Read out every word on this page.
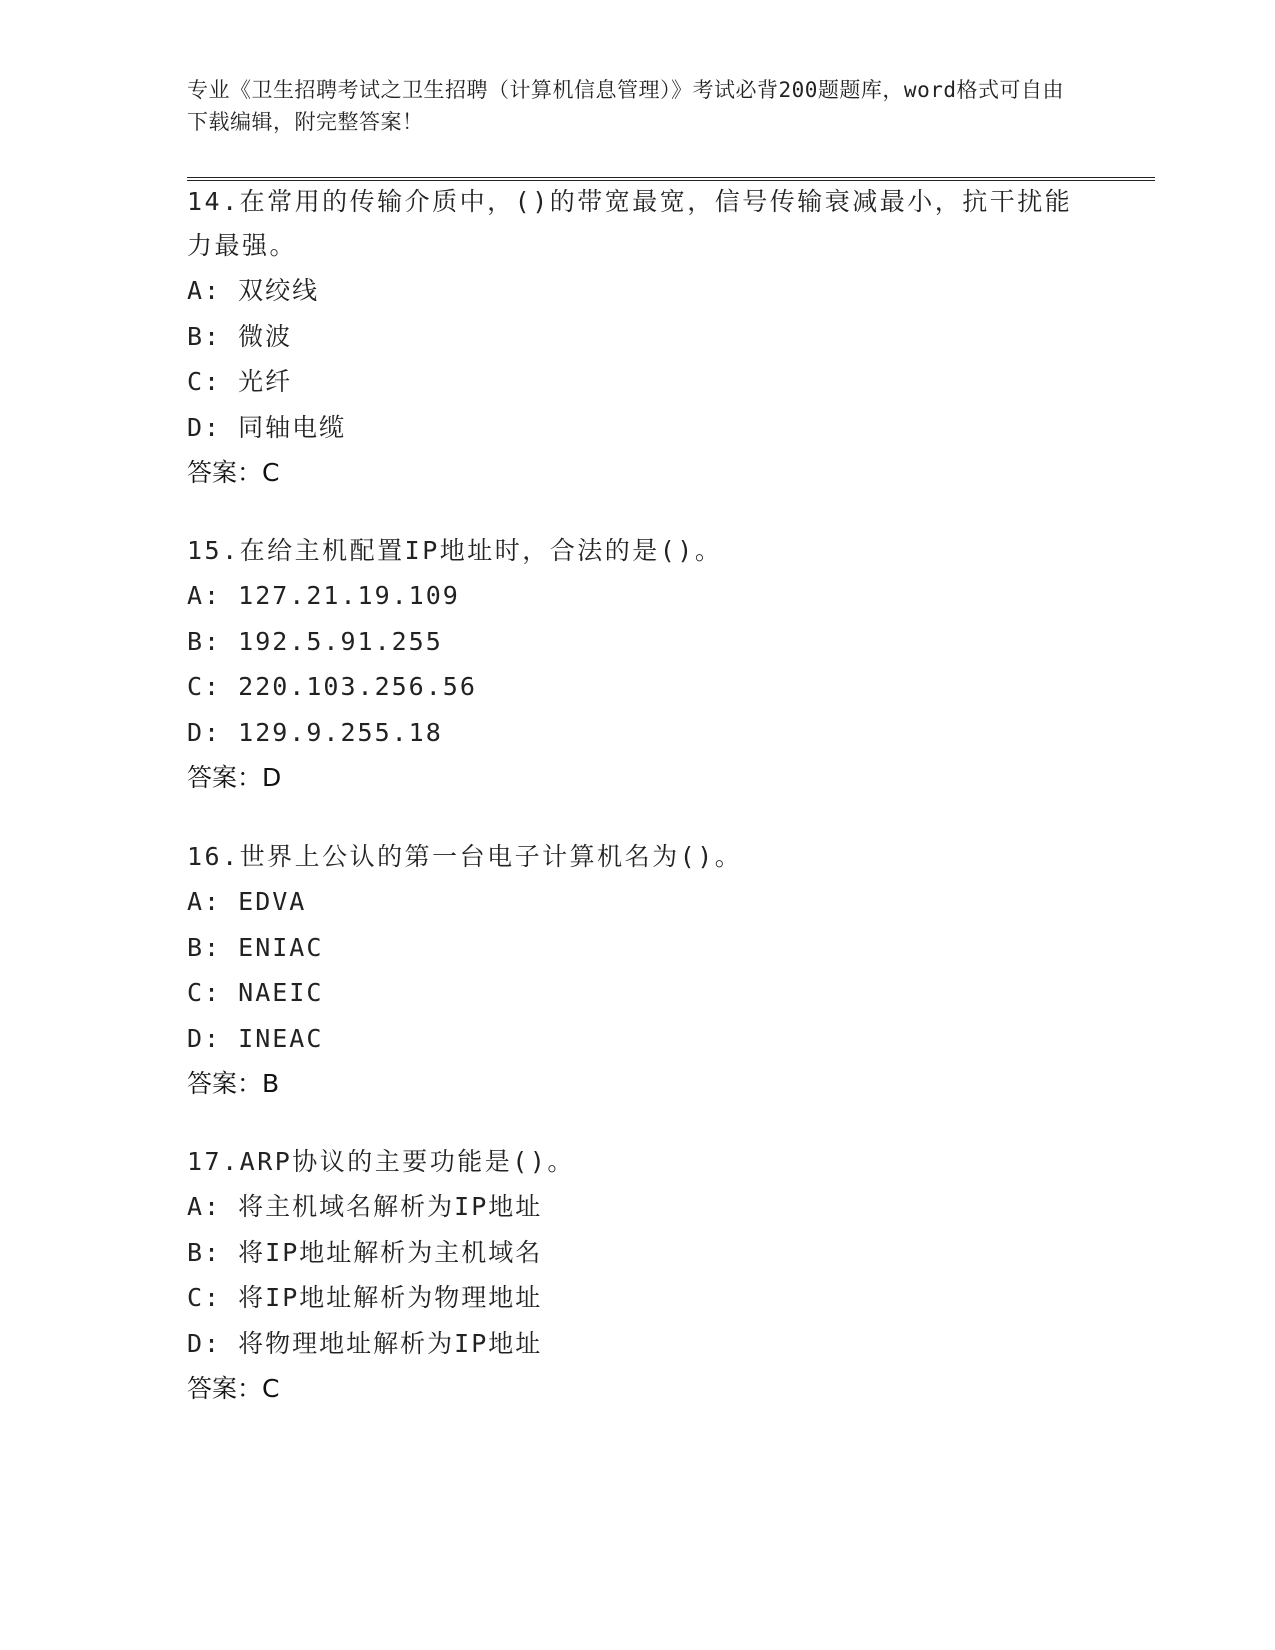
专业《卫生招聘考试之卫生招聘（计算机信息管理）》考试必背200题题库，word格式可自由下载编辑，附完整答案！

14.在常用的传输介质中，()的带宽最宽，信号传输衰减最小，抗干扰能力最强。

A: 双绞线

B: 微波

C: 光纤

D: 同轴电缆

答案：C

15.在给主机配置IP地址时，合法的是()。

A: 127.21.19.109

B: 192.5.91.255

C: 220.103.256.56

D: 129.9.255.18

答案：D

16.世界上公认的第一台电子计算机名为()。

A: EDVA

B: ENIAC

C: NAEIC

D: INEAC

答案：B

17.ARP协议的主要功能是()。

A: 将主机域名解析为IP地址

B: 将IP地址解析为主机域名

C: 将IP地址解析为物理地址

D: 将物理地址解析为IP地址

答案：C
